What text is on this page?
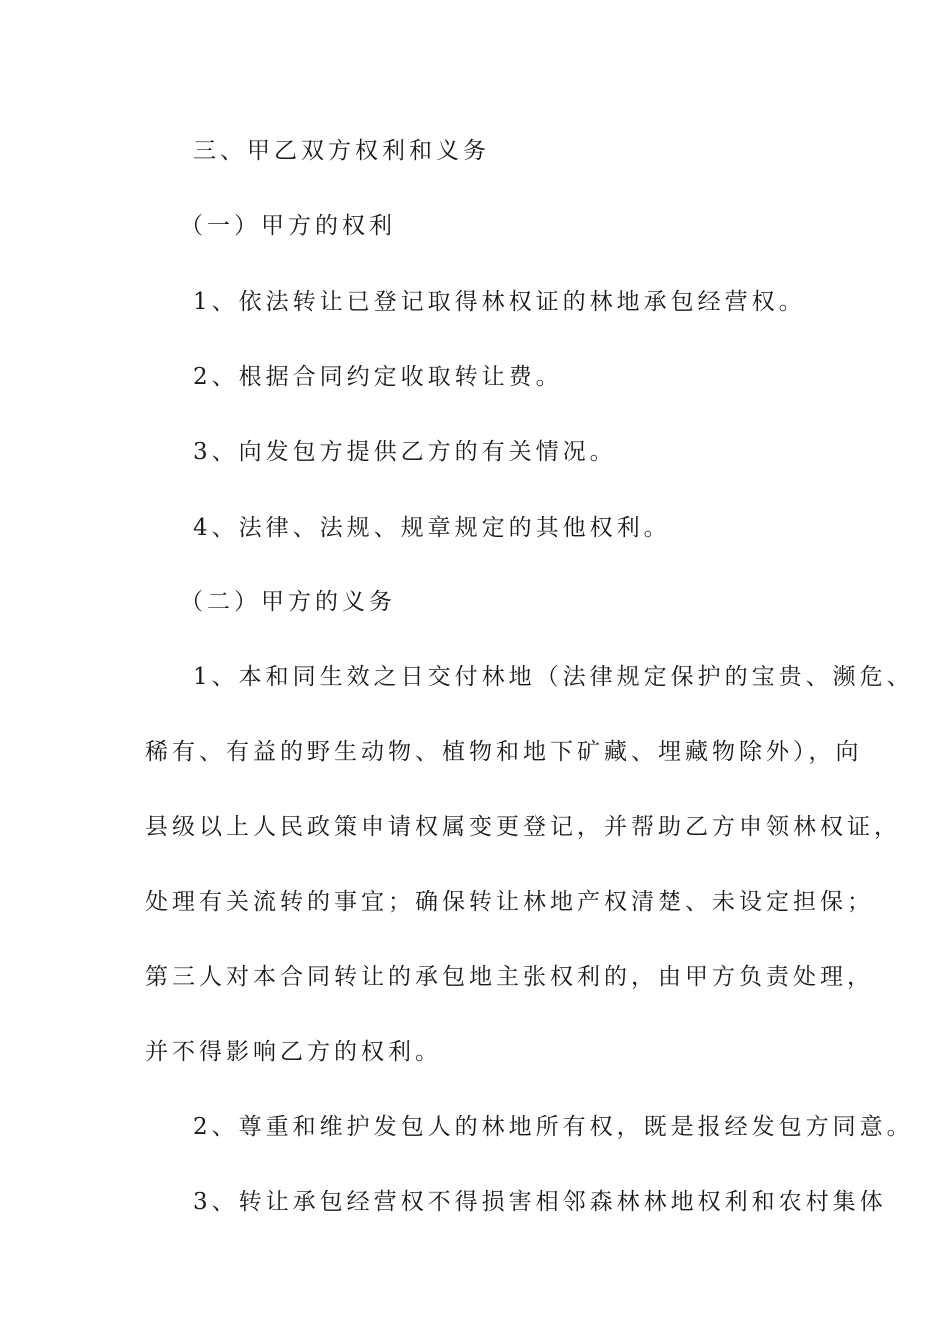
三、甲乙双方权利和义务
（一）甲方的权利
1、依法转让已登记取得林权证的林地承包经营权。
2、根据合同约定收取转让费。
3、向发包方提供乙方的有关情况。
4、法律、法规、规章规定的其他权利。
（二）甲方的义务
1、本和同生效之日交付林地（法律规定保护的宝贵、濒危、
稀有、有益的野生动物、植物和地下矿藏、埋藏物除外），向
县级以上人民政策申请权属变更登记，并帮助乙方申领林权证，
处理有关流转的事宜；确保转让林地产权清楚、未设定担保；
第三人对本合同转让的承包地主张权利的，由甲方负责处理，
并不得影响乙方的权利。
2、尊重和维护发包人的林地所有权，既是报经发包方同意。
3、转让承包经营权不得损害相邻森林林地权利和农村集体
